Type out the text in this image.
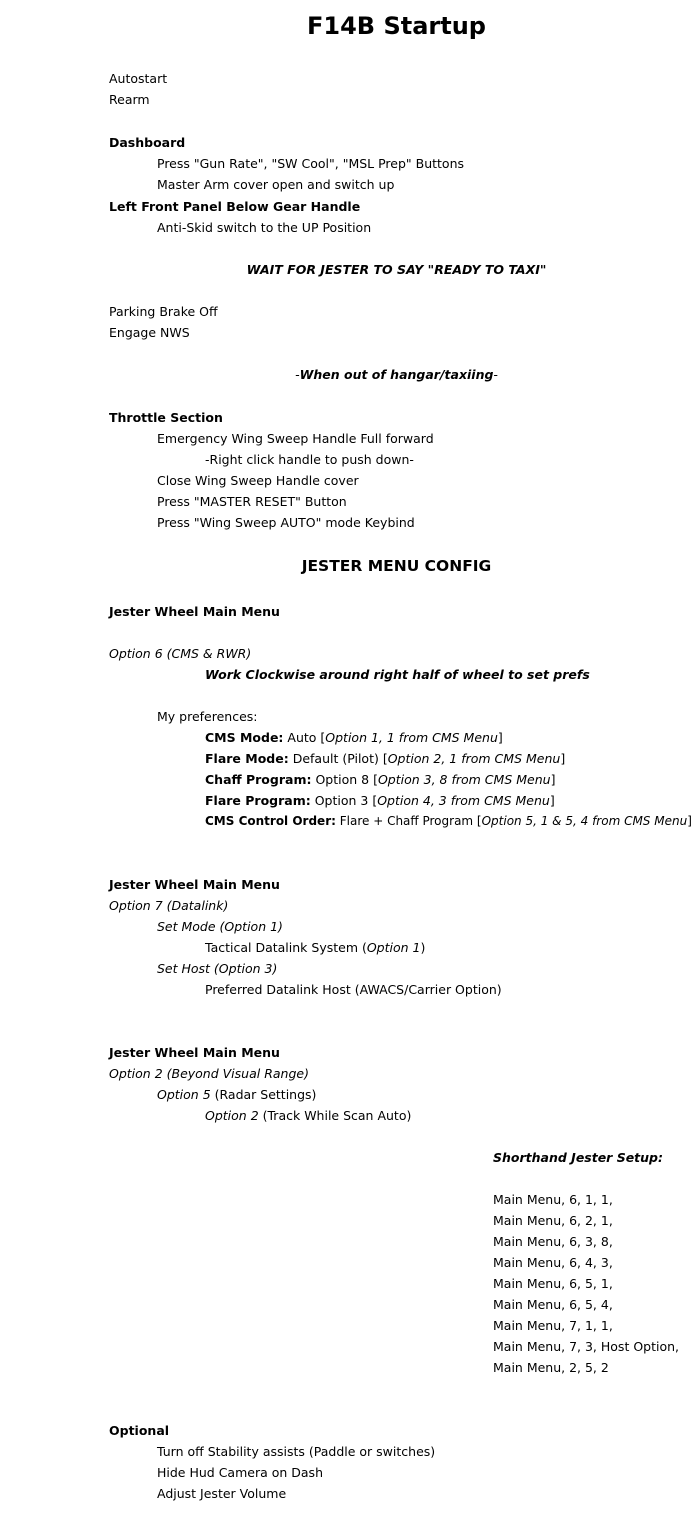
F14B Startup
Autostart
Rearm
Dashboard
Press "Gun Rate", "SW Cool", "MSL Prep" Buttons
Master Arm cover open and switch up
Left Front Panel Below Gear Handle
Anti-Skid switch to the UP Position
WAIT FOR JESTER TO SAY "READY TO TAXI"
Parking Brake Off
Engage NWS
-When out of hangar/taxiing-
Throttle Section
Emergency Wing Sweep Handle Full forward
-Right click handle to push down-
Close Wing Sweep Handle cover
Press "MASTER RESET" Button
Press "Wing Sweep AUTO" mode Keybind
JESTER MENU CONFIG
Jester Wheel Main Menu
Option 6 (CMS & RWR)
Work Clockwise around right half of wheel to set prefs
My preferences:
CMS Mode: Auto [Option 1, 1 from CMS Menu]
Flare Mode: Default (Pilot) [Option 2, 1 from CMS Menu]
Chaff Program: Option 8 [Option 3, 8 from CMS Menu]
Flare Program: Option 3 [Option 4, 3 from CMS Menu]
CMS Control Order: Flare + Chaff Program [Option 5, 1 & 5, 4 from CMS Menu]
Jester Wheel Main Menu
Option 7 (Datalink)
Set Mode (Option 1)
Tactical Datalink System (Option 1)
Set Host (Option 3)
Preferred Datalink Host (AWACS/Carrier Option)
Jester Wheel Main Menu
Option 2 (Beyond Visual Range)
Option 5 (Radar Settings)
Option 2 (Track While Scan Auto)
Shorthand Jester Setup:
Main Menu, 6, 1, 1,
Main Menu, 6, 2, 1,
Main Menu, 6, 3, 8,
Main Menu, 6, 4, 3,
Main Menu, 6, 5, 1,
Main Menu, 6, 5, 4,
Main Menu, 7, 1, 1,
Main Menu, 7, 3, Host Option,
Main Menu, 2, 5, 2
Optional
Turn off Stability assists (Paddle or switches)
Hide Hud Camera on Dash
Adjust Jester Volume
